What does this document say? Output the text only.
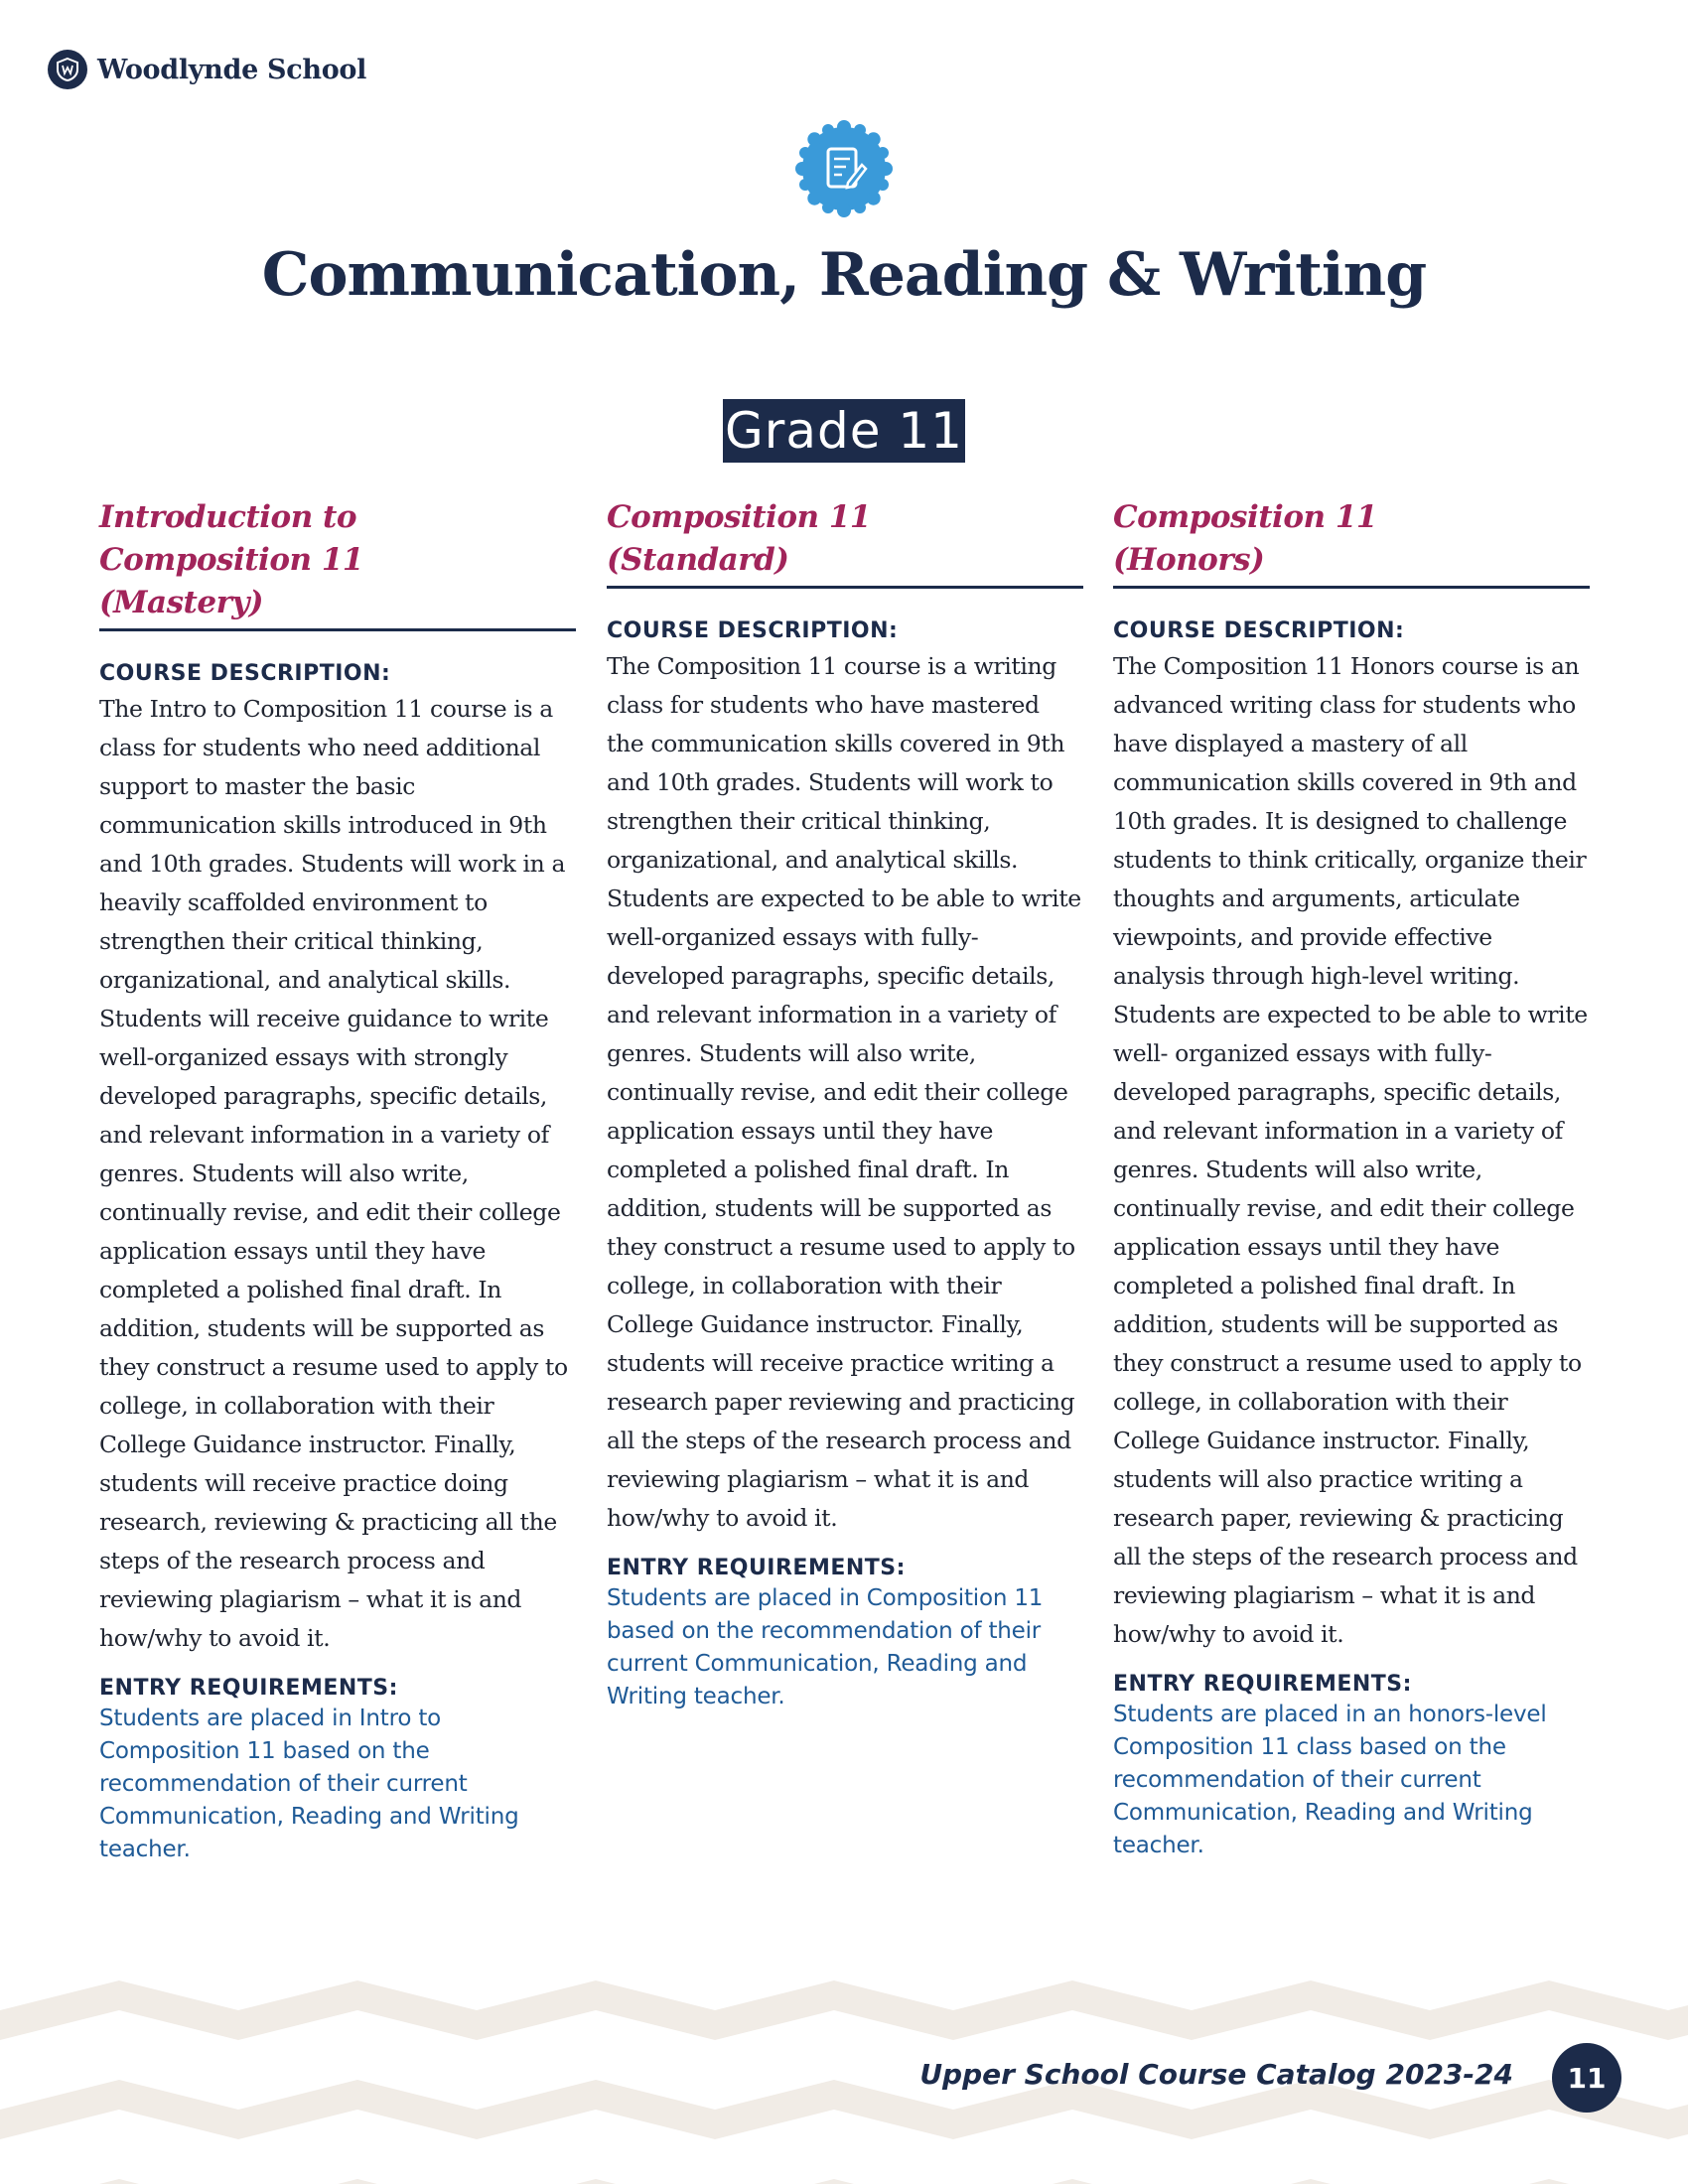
Woodlynde School
Communication, Reading & Writing
Grade 11
Introduction to Composition 11
(Mastery)
COURSE DESCRIPTION:
The Intro to Composition 11 course is a class for students who need additional support to master the basic communication skills introduced in 9th and 10th grades. Students will work in a heavily scaffolded environment to strengthen their critical thinking, organizational, and analytical skills. Students will receive guidance to write well-organized essays with strongly developed paragraphs, specific details, and relevant information in a variety of genres. Students will also write, continually revise, and edit their college application essays until they have completed a polished final draft. In addition, students will be supported as they construct a resume used to apply to college, in collaboration with their College Guidance instructor. Finally, students will receive practice doing research, reviewing & practicing all the steps of the research process and reviewing plagiarism – what it is and how/why to avoid it.
ENTRY REQUIREMENTS:
Students are placed in Intro to Composition 11 based on the recommendation of their current Communication, Reading and Writing teacher.
Composition 11
(Standard)
COURSE DESCRIPTION:
The Composition 11 course is a writing class for students who have mastered the communication skills covered in 9th and 10th grades. Students will work to strengthen their critical thinking, organizational, and analytical skills. Students are expected to be able to write well-organized essays with fully-developed paragraphs, specific details, and relevant information in a variety of genres. Students will also write, continually revise, and edit their college application essays until they have completed a polished final draft. In addition, students will be supported as they construct a resume used to apply to college, in collaboration with their College Guidance instructor. Finally, students will receive practice writing a research paper reviewing and practicing all the steps of the research process and reviewing plagiarism – what it is and how/why to avoid it.
ENTRY REQUIREMENTS:
Students are placed in Composition 11 based on the recommendation of their current Communication, Reading and Writing teacher.
Composition 11
(Honors)
COURSE DESCRIPTION:
The Composition 11 Honors course is an advanced writing class for students who have displayed a mastery of all communication skills covered in 9th and 10th grades. It is designed to challenge students to think critically, organize their thoughts and arguments, articulate viewpoints, and provide effective analysis through high-level writing. Students are expected to be able to write well- organized essays with fully-developed paragraphs, specific details, and relevant information in a variety of genres. Students will also write, continually revise, and edit their college application essays until they have completed a polished final draft. In addition, students will be supported as they construct a resume used to apply to college, in collaboration with their College Guidance instructor. Finally, students will also practice writing a research paper, reviewing & practicing all the steps of the research process and reviewing plagiarism – what it is and how/why to avoid it.
ENTRY REQUIREMENTS:
Students are placed in an honors-level Composition 11 class based on the recommendation of their current Communication, Reading and Writing teacher.
Upper School Course Catalog 2023-24	11
